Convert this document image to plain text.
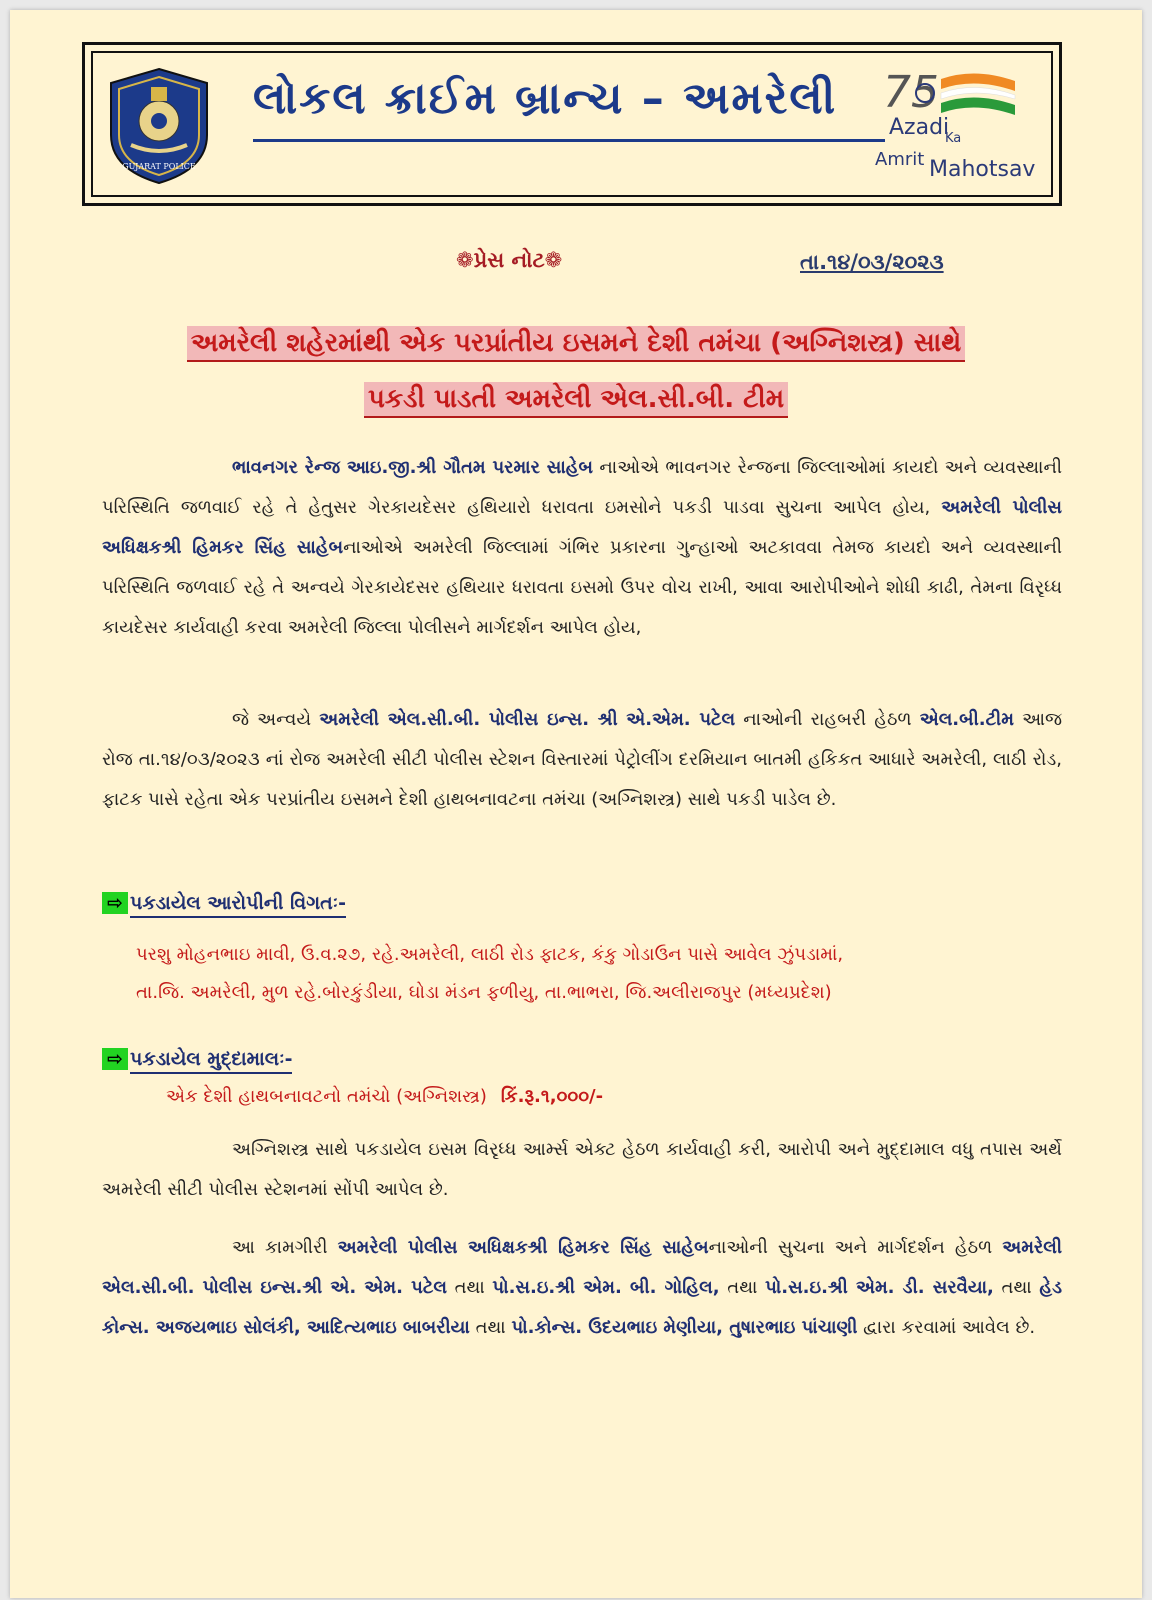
GUJARAT POLICE
લોકલ ક્રાઈમ બ્રાન્ચ – અમરેલી 75
Azadi
Ka
Amrit Mahotsav
❁પ્રેસ નોટ❁	તા.૧૪/૦૩/૨૦૨૩
અમરેલી શહેરમાંથી એક પરપ્રાંતીય ઇસમને દેશી તમંચા (અગ્નિશસ્ત્ર) સાથે
પકડી પાડતી અમરેલી એલ.સી.બી. ટીમ
ભાવનગર રેન્જ આઇ.જી.શ્રી ગૌતમ પરમાર સાહેબ નાઓએ ભાવનગર રેન્જના જિલ્લાઓમાં કાયદો અને વ્યવસ્થાની પરિસ્થિતિ જળવાઈ રહે તે હેતુસર ગેરકાયદેસર હથિયારો ધરાવતા ઇમસોને પકડી પાડવા સુચના આપેલ હોય, અમરેલી પોલીસ અધિક્ષકશ્રી હિમકર સિંહ સાહેબનાઓએ અમરેલી જિલ્લામાં ગંભિર પ્રકારના ગુન્હાઓ અટકાવવા તેમજ કાયદો અને વ્યવસ્થાની પરિસ્થિતિ જળવાઈ રહે તે અન્વયે ગેરકાયેદસર હથિયાર ધરાવતા ઇસમો ઉપર વોચ રાખી, આવા આરોપીઓને શોધી કાઢી, તેમના વિરૃધ્ધ કાયદેસર કાર્યવાહી કરવા અમરેલી જિલ્લા પોલીસને માર્ગદર્શન આપેલ હોય,
જે અન્વયે અમરેલી એલ.સી.બી. પોલીસ ઇન્સ. શ્રી એ.એમ. પટેલ નાઓની રાહબરી હેઠળ એલ.બી.ટીમ આજ રોજ તા.૧૪/૦૩/૨૦૨૩ નાં રોજ અમરેલી સીટી પોલીસ સ્ટેશન વિસ્તારમાં પેટ્રોલીંગ દરમિયાન બાતમી હકિકત આધારે અમરેલી, લાઠી રોડ, ફાટક પાસે રહેતા એક પરપ્રાંતીય ઇસમને દેશી હાથબનાવટના તમંચા (અગ્નિશસ્ત્ર) સાથે પકડી પાડેલ છે.
⇨ પકડાયેલ આરોપીની વિગતઃ-
પરશુ મોહનભાઇ માવી, ઉ.વ.૨૭, રહે.અમરેલી, લાઠી રોડ ફાટક, કંકુ ગોડાઉન પાસે આવેલ ઝુંપડામાં,
તા.જિ. અમરેલી, મુળ રહે.બોરકુંડીયા, ઘોડા મંડન ફળીયુ, તા.ભાભરા, જિ.અલીરાજપુર (મધ્યપ્રદેશ)
⇨ પકડાયેલ મુદ્દામાલઃ-
એક દેશી હાથબનાવટનો તમંચો (અગ્નિશસ્ત્ર) કિં.રૂ.૧,૦૦૦/-
અગ્નિશસ્ત્ર સાથે પકડાયેલ ઇસમ વિરૃધ્ધ આર્મ્સ એક્ટ હેઠળ કાર્યવાહી કરી, આરોપી અને મુદ્દામાલ વધુ તપાસ અર્થે અમરેલી સીટી પોલીસ સ્ટેશનમાં સોંપી આપેલ છે.
આ કામગીરી અમરેલી પોલીસ અધિક્ષકશ્રી હિમકર સિંહ સાહેબનાઓની સુચના અને માર્ગદર્શન હેઠળ અમરેલી એલ.સી.બી. પોલીસ ઇન્સ.શ્રી એ. એમ. પટેલ તથા પો.સ.ઇ.શ્રી એમ. બી. ગોહિલ, તથા પો.સ.ઇ.શ્રી એમ. ડી. સરવૈયા, તથા હેડ કોન્સ. અજયભાઇ સોલંકી, આદિત્યભાઇ બાબરીયા તથા પો.કોન્સ. ઉદયભાઇ મેણીયા, તુષારભાઇ પાંચાણી દ્વારા કરવામાં આવેલ છે.
